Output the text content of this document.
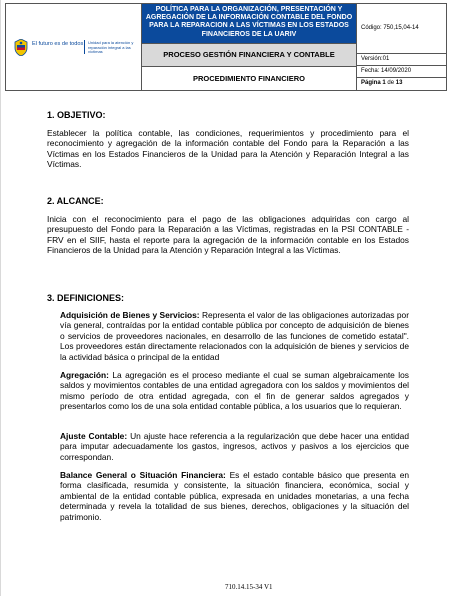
El futuro es de todos Unidad para la atención y reparación integral a las víctimas
POLÍTICA PARA LA ORGANIZACIÓN, PRESENTACIÓN Y AGREGACIÓN DE LA INFORMACIÓN CONTABLE DEL FONDO PARA LA REPARACION A LAS VÍCTIMAS EN LOS ESTADOS FINANCIEROS DE LA UARIV
PROCESO GESTIÓN FINANCIERA Y CONTABLE
PROCEDIMIENTO FINANCIERO
Código: 750,15,04-14
Versión:01
Fecha: 14/09/2020
Página 1 de 13
1. OBJETIVO:
Establecer la política contable, las condiciones, requerimientos y procedimiento para el reconocimiento y agregación de la información contable del Fondo para la Reparación a las Víctimas en los Estados Financieros de la Unidad para la Atención y Reparación Integral a las Víctimas.
2. ALCANCE:
Inicia con el reconocimiento para el pago de las obligaciones adquiridas con cargo al presupuesto del Fondo para la Reparación a las Víctimas, registradas en la PSI CONTABLE -FRV en el SIIF, hasta el reporte para la agregación de la información contable en los Estados Financieros de la Unidad para la Atención y Reparación Integral a las Víctimas.
3. DEFINICIONES:
Adquisición de Bienes y Servicios: Representa el valor de las obligaciones autorizadas por vía general, contraídas por la entidad contable pública por concepto de adquisición de bienes o servicios de proveedores nacionales, en desarrollo de las funciones de cometido estatal". Los proveedores están directamente relacionados con la adquisición de bienes y servicios de la actividad básica o principal de la entidad
Agregación: La agregación es el proceso mediante el cual se suman algebraicamente los saldos y movimientos contables de una entidad agregadora con los saldos y movimientos del mismo período de otra entidad agregada, con el fin de generar saldos agregados y presentarlos como los de una sola entidad contable pública, a los usuarios que lo requieran.
Ajuste Contable: Un ajuste hace referencia a la regularización que debe hacer una entidad para imputar adecuadamente los gastos, ingresos, activos y pasivos a los ejercicios que correspondan.
Balance General o Situación Financiera: Es el estado contable básico que presenta en forma clasificada, resumida y consistente, la situación financiera, económica, social y ambiental de la entidad contable pública, expresada en unidades monetarias, a una fecha determinada y revela la totalidad de sus bienes, derechos, obligaciones y la situación del patrimonio.
710.14.15-34 V1
